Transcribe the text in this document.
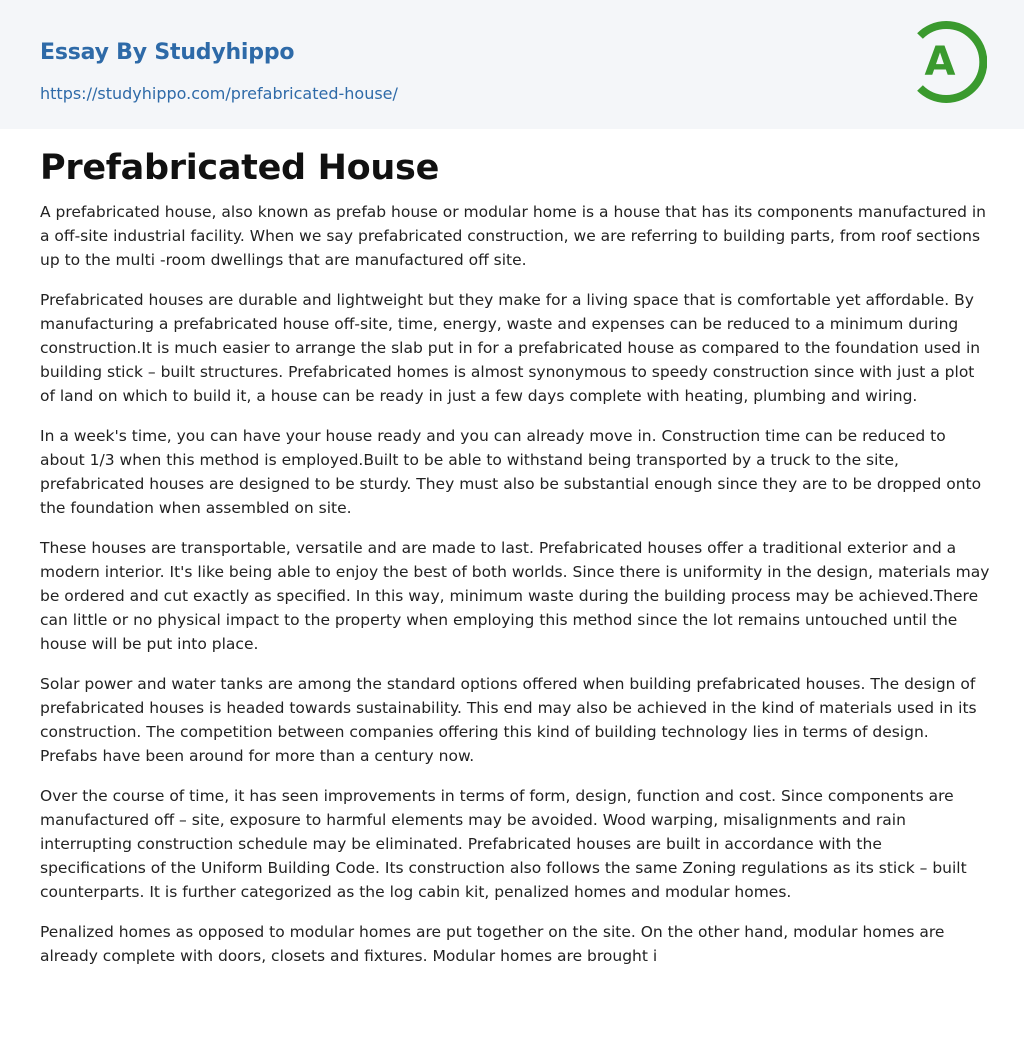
Essay By Studyhippo
https://studyhippo.com/prefabricated-house/
A
Prefabricated House

A prefabricated house, also known as prefab house or modular home is a house that has its components manufactured in a off-site industrial facility. When we say prefabricated construction, we are referring to building parts, from roof sections up to the multi -room dwellings that are manufactured off site.

Prefabricated houses are durable and lightweight but they make for a living space that is comfortable yet affordable. By manufacturing a prefabricated house off-site, time, energy, waste and expenses can be reduced to a minimum during construction.It is much easier to arrange the slab put in for a prefabricated house as compared to the foundation used in building stick – built structures. Prefabricated homes is almost synonymous to speedy construction since with just a plot of land on which to build it, a house can be ready in just a few days complete with heating, plumbing and wiring.

In a week's time, you can have your house ready and you can already move in. Construction time can be reduced to about 1/3 when this method is employed.Built to be able to withstand being transported by a truck to the site, prefabricated houses are designed to be sturdy. They must also be substantial enough since they are to be dropped onto the foundation when assembled on site.

These houses are transportable, versatile and are made to last. Prefabricated houses offer a traditional exterior and a modern interior. It's like being able to enjoy the best of both worlds. Since there is uniformity in the design, materials may be ordered and cut exactly as specified. In this way, minimum waste during the building process may be achieved.There can little or no physical impact to the property when employing this method since the lot remains untouched until the house will be put into place.

Solar power and water tanks are among the standard options offered when building prefabricated houses. The design of prefabricated houses is headed towards sustainability. This end may also be achieved in the kind of materials used in its construction. The competition between companies offering this kind of building technology lies in terms of design. Prefabs have been around for more than a century now.

Over the course of time, it has seen improvements in terms of form, design, function and cost. Since components are manufactured off – site, exposure to harmful elements may be avoided. Wood warping, misalignments and rain interrupting construction schedule may be eliminated. Prefabricated houses are built in accordance with the specifications of the Uniform Building Code. Its construction also follows the same Zoning regulations as its stick – built counterparts. It is further categorized as the log cabin kit, penalized homes and modular homes.

Penalized homes as opposed to modular homes are put together on the site. On the other hand, modular homes are already complete with doors, closets and fixtures. Modular homes are brought i
